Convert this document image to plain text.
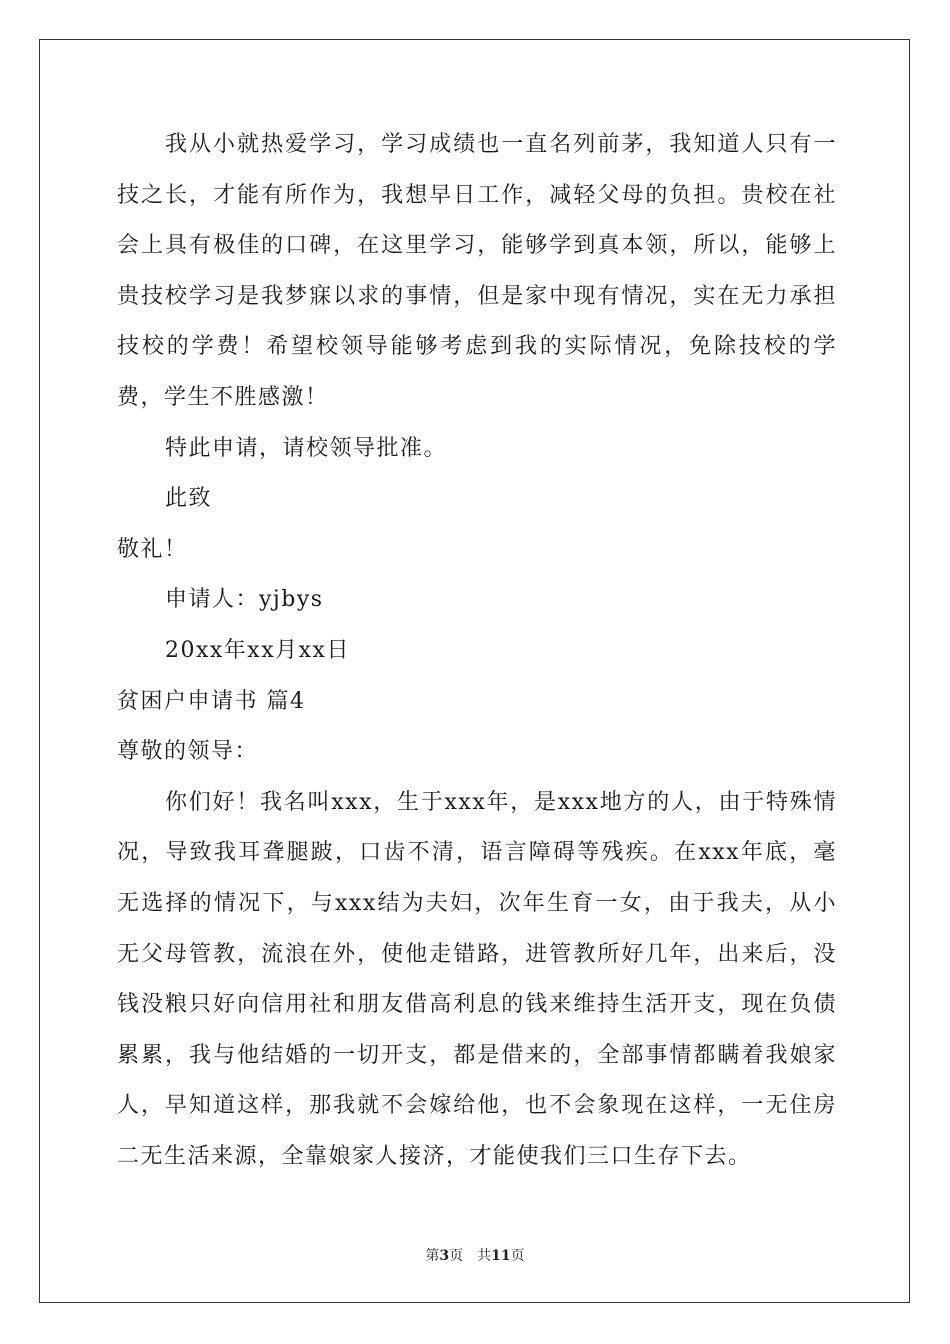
我从小就热爱学习，学习成绩也一直名列前茅，我知道人只有一技之长，才能有所作为，我想早日工作，减轻父母的负担。贵校在社会上具有极佳的口碑，在这里学习，能够学到真本领，所以，能够上贵技校学习是我梦寐以求的事情，但是家中现有情况，实在无力承担技校的学费！希望校领导能够考虑到我的实际情况，免除技校的学费，学生不胜感激！

特此申请，请校领导批准。

此致

敬礼！

申请人：yjbys

20xx年xx月xx日

贫困户申请书 篇4

尊敬的领导：

你们好！我名叫xxx，生于xxx年，是xxx地方的人，由于特殊情况，导致我耳聋腿跛，口齿不清，语言障碍等残疾。在xxx年底，毫无选择的情况下，与xxx结为夫妇，次年生育一女，由于我夫，从小无父母管教，流浪在外，使他走错路，进管教所好几年，出来后，没钱没粮只好向信用社和朋友借高利息的钱来维持生活开支，现在负债累累，我与他结婚的一切开支，都是借来的，全部事情都瞒着我娘家人，早知道这样，那我就不会嫁给他，也不会象现在这样，一无住房二无生活来源，全靠娘家人接济，才能使我们三口生存下去。

第3页 共11页
